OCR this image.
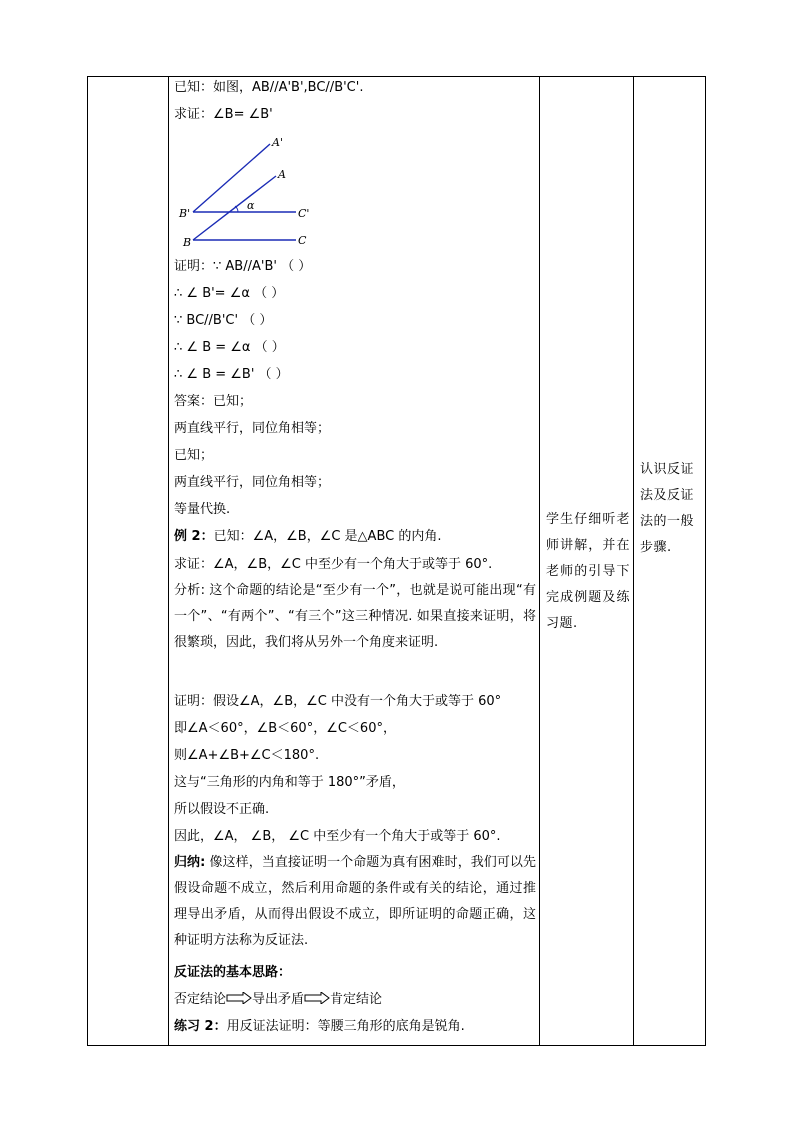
已知：如图，AB//A'B',BC//B'C'.
求证：∠B= ∠B'
A'
A
α
B'	C'
B	C
证明：∵ AB//A'B' （ ）
∴ ∠ B'= ∠α （ ）
∵ BC//B'C' （ ）
∴ ∠ B = ∠α （ ）
∴ ∠ B = ∠B' （ ）
答案：已知；
两直线平行，同位角相等；
已知；
两直线平行，同位角相等；
等量代换.
例 2：已知：∠A，∠B，∠C 是△ABC 的内角.
求证：∠A，∠B，∠C 中至少有一个角大于或等于 60°.
分析: 这个命题的结论是“至少有一个”，也就是说可能出现“有一个”、“有两个”、“有三个”这三种情况. 如果直接来证明，将很繁琐，因此，我们将从另外一个角度来证明.
证明：假设∠A，∠B，∠C 中没有一个角大于或等于 60°
即∠A＜60°，∠B＜60°，∠C＜60°，
则∠A+∠B+∠C＜180°.
这与“三角形的内角和等于 180°”矛盾，
所以假设不正确.
因此，∠A， ∠B， ∠C 中至少有一个角大于或等于 60°.
归纳: 像这样，当直接证明一个命题为真有困难时，我们可以先假设命题不成立，然后利用命题的条件或有关的结论，通过推理导出矛盾，从而得出假设不成立，即所证明的命题正确，这种证明方法称为反证法.
反证法的基本思路：
否定结论 导出矛盾 肯定结论
练习 2：用反证法证明：等腰三角形的底角是锐角.
学生仔细听老师讲解，并在老师的引导下完成例题及练习题.
认识反证法及反证法的一般步骤.
